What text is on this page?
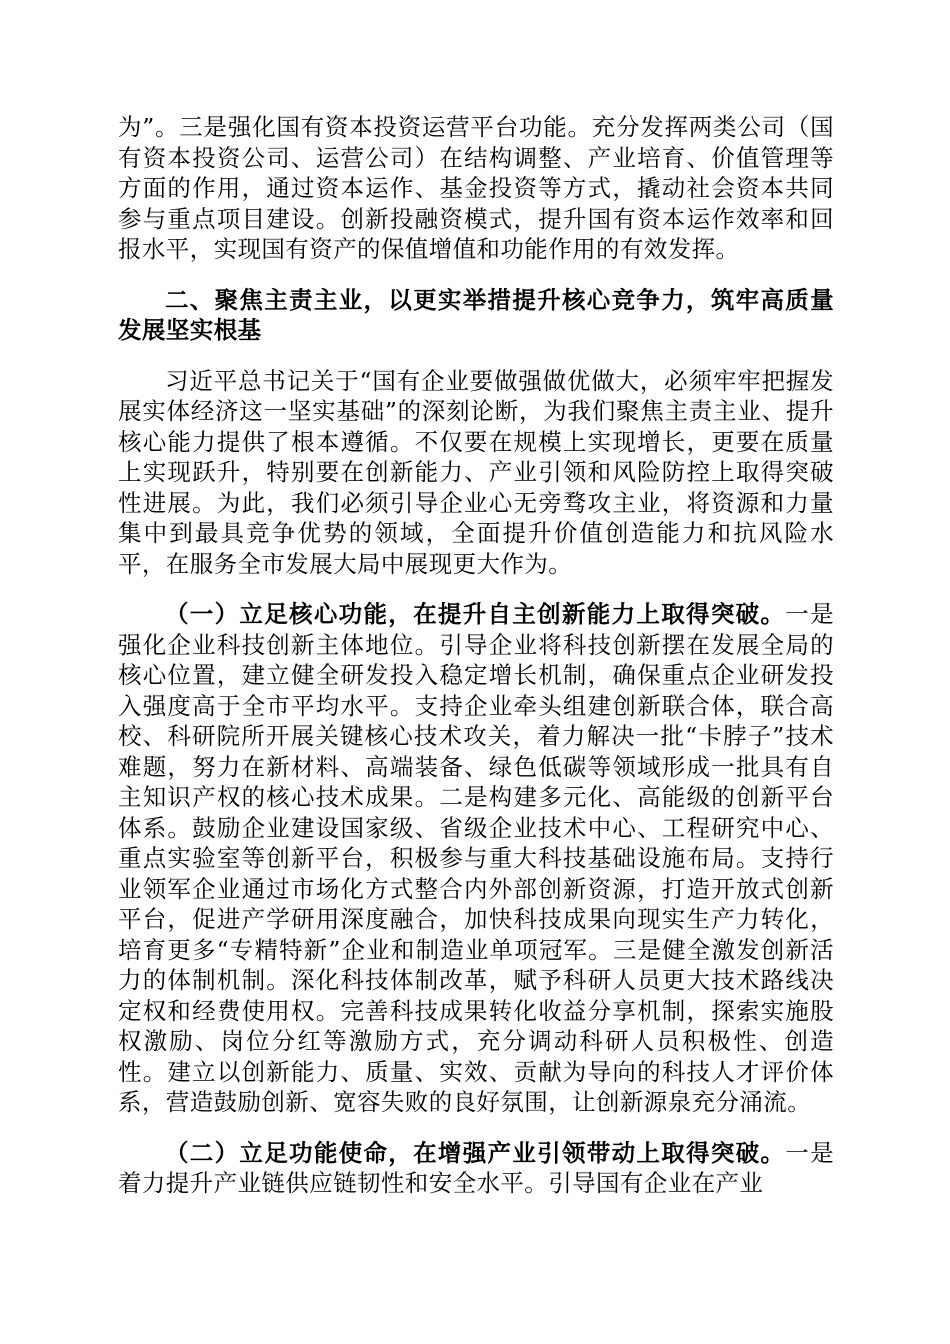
为”。三是强化国有资本投资运营平台功能。充分发挥两类公司（国有资本投资公司、运营公司）在结构调整、产业培育、价值管理等方面的作用，通过资本运作、基金投资等方式，撬动社会资本共同参与重点项目建设。创新投融资模式，提升国有资本运作效率和回报水平，实现国有资产的保值增值和功能作用的有效发挥。

二、聚焦主责主业，以更实举措提升核心竞争力，筑牢高质量发展坚实根基

习近平总书记关于“国有企业要做强做优做大，必须牢牢把握发展实体经济这一坚实基础”的深刻论断，为我们聚焦主责主业、提升核心能力提供了根本遵循。不仅要在规模上实现增长，更要在质量上实现跃升，特别要在创新能力、产业引领和风险防控上取得突破性进展。为此，我们必须引导企业心无旁骛攻主业，将资源和力量集中到最具竞争优势的领域，全面提升价值创造能力和抗风险水平，在服务全市发展大局中展现更大作为。

（一）立足核心功能，在提升自主创新能力上取得突破。一是强化企业科技创新主体地位。引导企业将科技创新摆在发展全局的核心位置，建立健全研发投入稳定增长机制，确保重点企业研发投入强度高于全市平均水平。支持企业牵头组建创新联合体，联合高校、科研院所开展关键核心技术攻关，着力解决一批“卡脖子”技术难题，努力在新材料、高端装备、绿色低碳等领域形成一批具有自主知识产权的核心技术成果。二是构建多元化、高能级的创新平台体系。鼓励企业建设国家级、省级企业技术中心、工程研究中心、重点实验室等创新平台，积极参与重大科技基础设施布局。支持行业领军企业通过市场化方式整合内外部创新资源，打造开放式创新平台，促进产学研用深度融合，加快科技成果向现实生产力转化，培育更多“专精特新”企业和制造业单项冠军。三是健全激发创新活力的体制机制。深化科技体制改革，赋予科研人员更大技术路线决定权和经费使用权。完善科技成果转化收益分享机制，探索实施股权激励、岗位分红等激励方式，充分调动科研人员积极性、创造性。建立以创新能力、质量、实效、贡献为导向的科技人才评价体系，营造鼓励创新、宽容失败的良好氛围，让创新源泉充分涌流。

（二）立足功能使命，在增强产业引领带动上取得突破。一是着力提升产业链供应链韧性和安全水平。引导国有企业在产业
